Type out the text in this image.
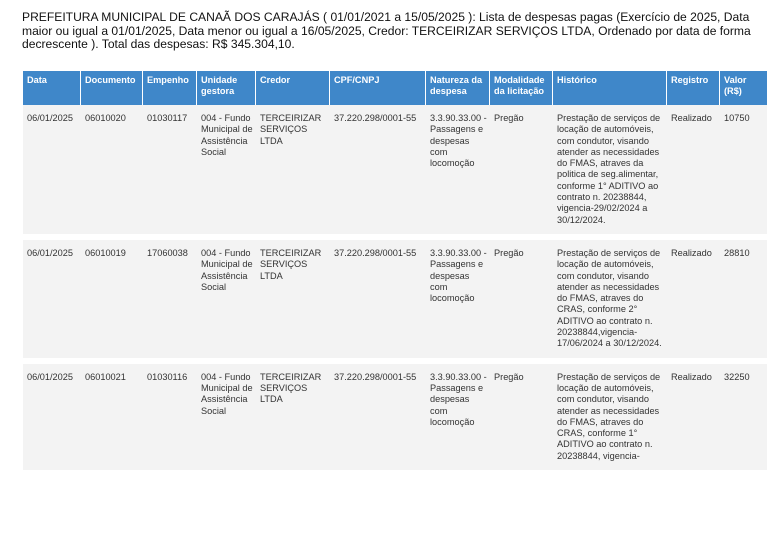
PREFEITURA MUNICIPAL DE CANAÃ DOS CARAJÁS ( 01/01/2021 a 15/05/2025 ): Lista de despesas pagas (Exercício de 2025, Data maior ou igual a 01/01/2025, Data menor ou igual a 16/05/2025, Credor: TERCEIRIZAR SERVIÇOS LTDA, Ordenado por data de forma decrescente ). Total das despesas: R$ 345.304,10.
Data	Documento	Empenho	Unidade gestora	Credor	CPF/CNPJ	Natureza da despesa	Modalidade da licitação	Histórico	Registro	Valor (R$)
06/01/2025	06010020	01030117	004 - Fundo Municipal de Assistência Social	TERCEIRIZAR SERVIÇOS LTDA	37.220.298/0001-55	3.3.90.33.00 - Passagens e despesas com locomoção	Pregão	Prestação de serviços de locação de automóveis, com condutor, visando atender as necessidades do FMAS, atraves da politica de seg.alimentar, conforme 1° ADITIVO ao contrato n. 20238844, vigencia-29/02/2024 a 30/12/2024.	Realizado	10750
06/01/2025	06010019	17060038	004 - Fundo Municipal de Assistência Social	TERCEIRIZAR SERVIÇOS LTDA	37.220.298/0001-55	3.3.90.33.00 - Passagens e despesas com locomoção	Pregão	Prestação de serviços de locação de automóveis, com condutor, visando atender as necessidades do FMAS, atraves do CRAS, conforme 2° ADITIVO ao contrato n. 20238844,vigencia-17/06/2024 a 30/12/2024.	Realizado	28810
06/01/2025	06010021	01030116	004 - Fundo Municipal de Assistência Social	TERCEIRIZAR SERVIÇOS LTDA	37.220.298/0001-55	3.3.90.33.00 - Passagens e despesas com locomoção	Pregão	Prestação de serviços de locação de automóveis, com condutor, visando atender as necessidades do FMAS, atraves do CRAS, conforme 1° ADITIVO ao contrato n. 20238844, vigencia-	Realizado	32250
